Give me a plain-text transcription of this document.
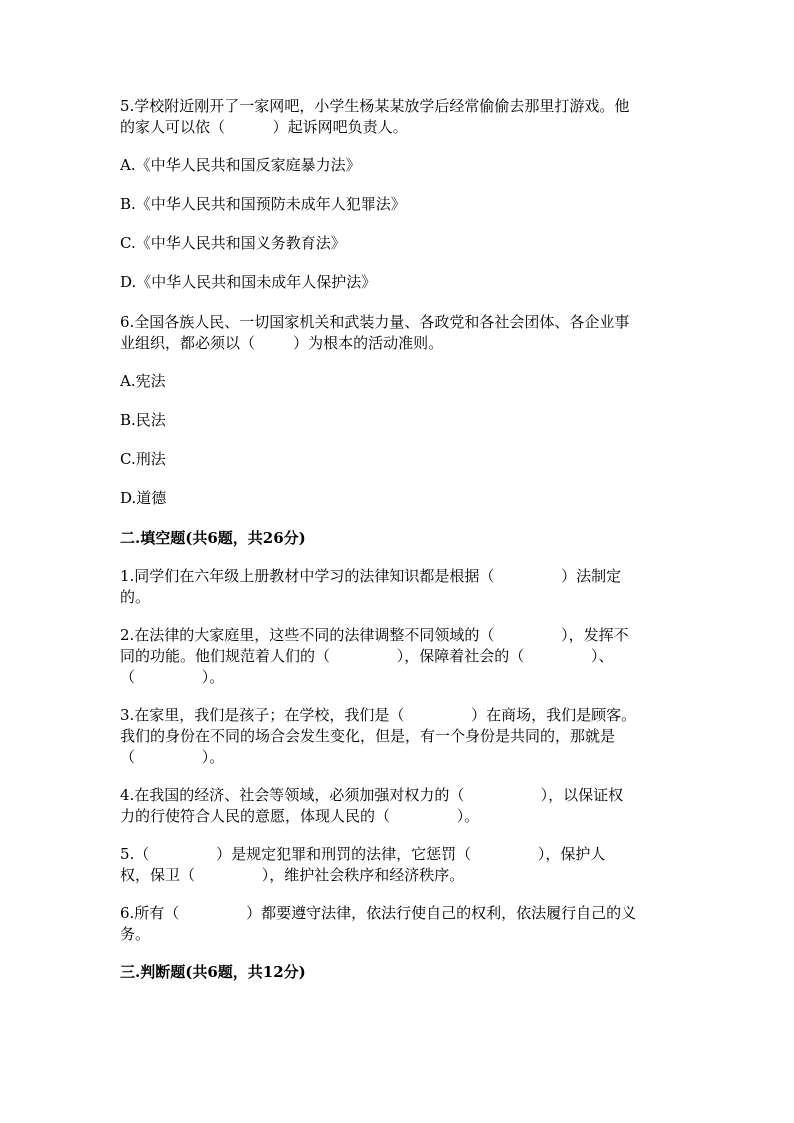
5.学校附近刚开了一家网吧，小学生杨某某放学后经常偷偷去那里打游戏。他

的家人可以依（          ）起诉网吧负责人。

A.《中华人民共和国反家庭暴力法》

B.《中华人民共和国预防未成年人犯罪法》

C.《中华人民共和国义务教育法》

D.《中华人民共和国未成年人保护法》

6.全国各族人民、一切国家机关和武装力量、各政党和各社会团体、各企业事

业组织，都必须以（        ）为根本的活动准则。

A.宪法

B.民法

C.刑法

D.道德

二.填空题(共6题，共26分)

1.同学们在六年级上册教材中学习的法律知识都是根据（              ）法制定

的。

2.在法律的大家庭里，这些不同的法律调整不同领域的（              ），发挥不

同的功能。他们规范着人们的（              ），保障着社会的（              ）、

（              ）。

3.在家里，我们是孩子；在学校，我们是（              ）在商场，我们是顾客。

我们的身份在不同的场合会发生变化，但是，有一个身份是共同的，那就是

（              ）。

4.在我国的经济、社会等领域，必须加强对权力的（                ），以保证权

力的行使符合人民的意愿，体现人民的（              ）。

5.（              ）是规定犯罪和刑罚的法律，它惩罚（              ），保护人

权，保卫（              ），维护社会秩序和经济秩序。

6.所有（              ）都要遵守法律，依法行使自己的权利，依法履行自己的义

务。

三.判断题(共6题，共12分)
